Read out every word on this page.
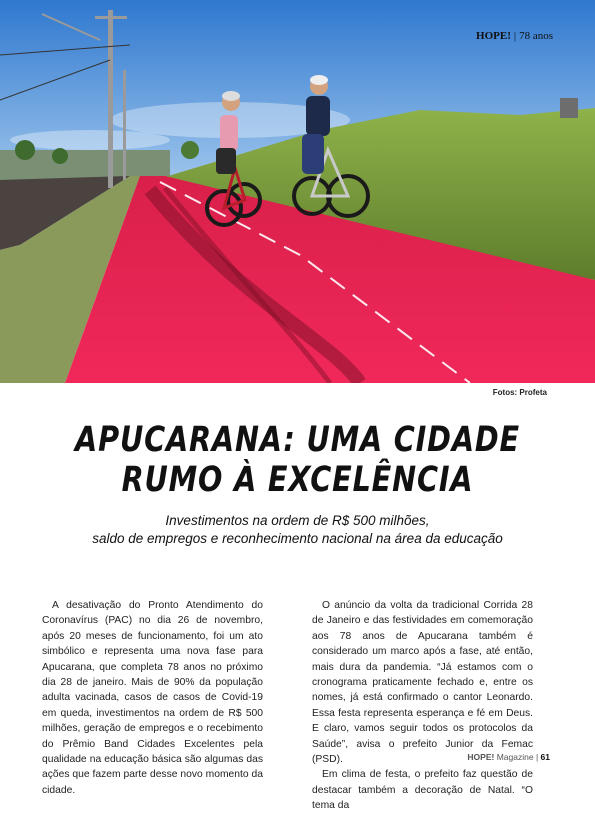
HOPE! | 78 anos
Fotos: Profeta
APUCARANA: UMA CIDADE
RUMO À EXCELÊNCIA
Investimentos na ordem de R$ 500 milhões,
saldo de empregos e reconhecimento nacional na área da educação

A desativação do Pronto Atendimento do Coronavírus (PAC) no dia 26 de novembro, após 20 meses de funcionamento, foi um ato simbólico e representa uma nova fase para Apucarana, que completa 78 anos no próximo dia 28 de janeiro. Mais de 90% da população adulta vacinada, casos de casos de Covid-19 em queda, investimentos na ordem de R$ 500 milhões, geração de empregos e o recebimento do Prêmio Band Cidades Excelentes pela qualidade na educação básica são algumas das ações que fazem parte desse novo momento da cidade.

O anúncio da volta da tradicional Corrida 28 de Janeiro e das festividades em comemoração aos 78 anos de Apucarana também é considerado um marco após a fase, até então, mais dura da pandemia. “Já estamos com o cronograma praticamente fechado e, entre os nomes, já está confirmado o cantor Leonardo. Essa festa representa esperança e fé em Deus. E claro, vamos seguir todos os protocolos da Saúde”, avisa o prefeito Junior da Femac (PSD).

Em clima de festa, o prefeito faz questão de destacar também a decoração de Natal. “O tema da

HOPE! Magazine | 61
